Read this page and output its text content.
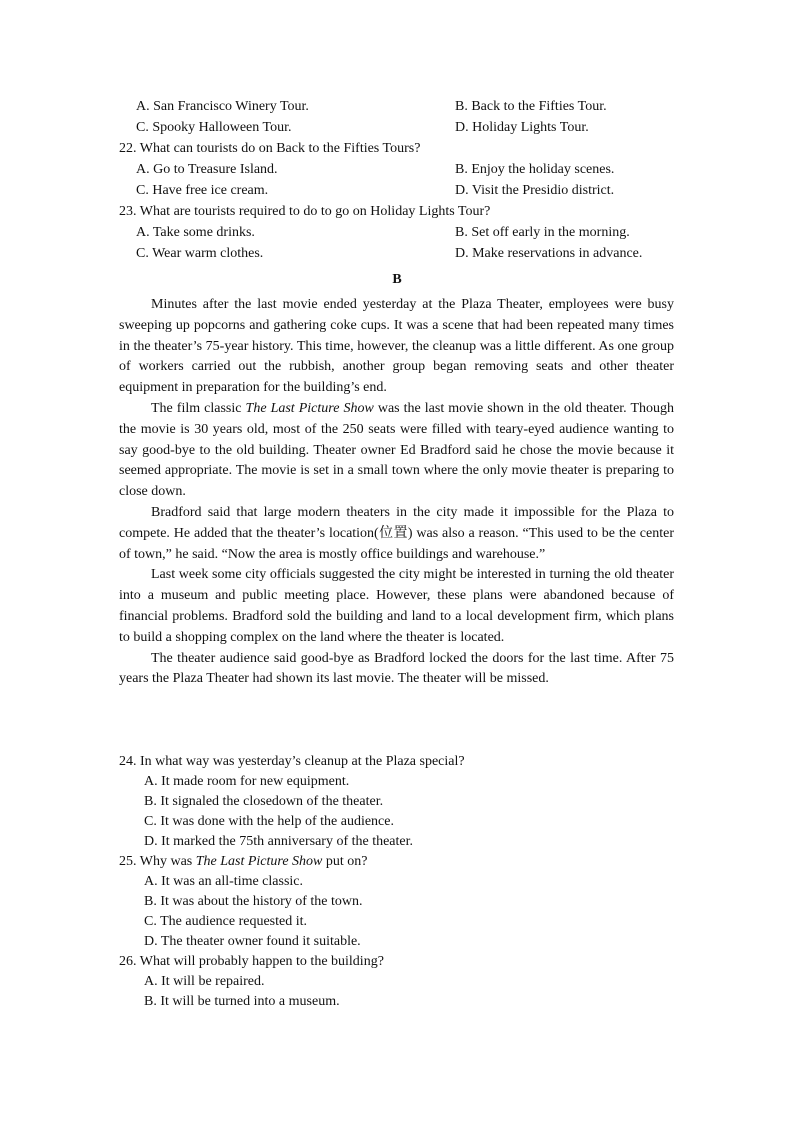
A. San Francisco Winery Tour.	B. Back to the Fifties Tour.
C. Spooky Halloween Tour.	D. Holiday Lights Tour.
22. What can tourists do on Back to the Fifties Tours?
A. Go to Treasure Island.	B. Enjoy the holiday scenes.
C. Have free ice cream.	D. Visit the Presidio district.
23. What are tourists required to do to go on Holiday Lights Tour?
A. Take some drinks.	B. Set off early in the morning.
C. Wear warm clothes.	D. Make reservations in advance.
B

Minutes after the last movie ended yesterday at the Plaza Theater, employees were busy sweeping up popcorns and gathering coke cups. It was a scene that had been repeated many times in the theater’s 75-year history. This time, however, the cleanup was a little different. As one group of workers carried out the rubbish, another group began removing seats and other theater equipment in preparation for the building’s end.

The film classic The Last Picture Show was the last movie shown in the old theater. Though the movie is 30 years old, most of the 250 seats were filled with teary-eyed audience wanting to say good-bye to the old building. Theater owner Ed Bradford said he chose the movie because it seemed appropriate. The movie is set in a small town where the only movie theater is preparing to close down.

Bradford said that large modern theaters in the city made it impossible for the Plaza to compete. He added that the theater’s location(位置) was also a reason. “This used to be the center of town,” he said. “Now the area is mostly office buildings and warehouse.”

Last week some city officials suggested the city might be interested in turning the old theater into a museum and public meeting place. However, these plans were abandoned because of financial problems. Bradford sold the building and land to a local development firm, which plans to build a shopping complex on the land where the theater is located.

The theater audience said good-bye as Bradford locked the doors for the last time. After 75 years the Plaza Theater had shown its last movie. The theater will be missed.

24. In what way was yesterday’s cleanup at the Plaza special?
A. It made room for new equipment.
B. It signaled the closedown of the theater.
C. It was done with the help of the audience.
D. It marked the 75th anniversary of the theater.
25. Why was The Last Picture Show put on?
A. It was an all-time classic.
B. It was about the history of the town.
C. The audience requested it.
D. The theater owner found it suitable.
26. What will probably happen to the building?
A. It will be repaired.
B. It will be turned into a museum.
